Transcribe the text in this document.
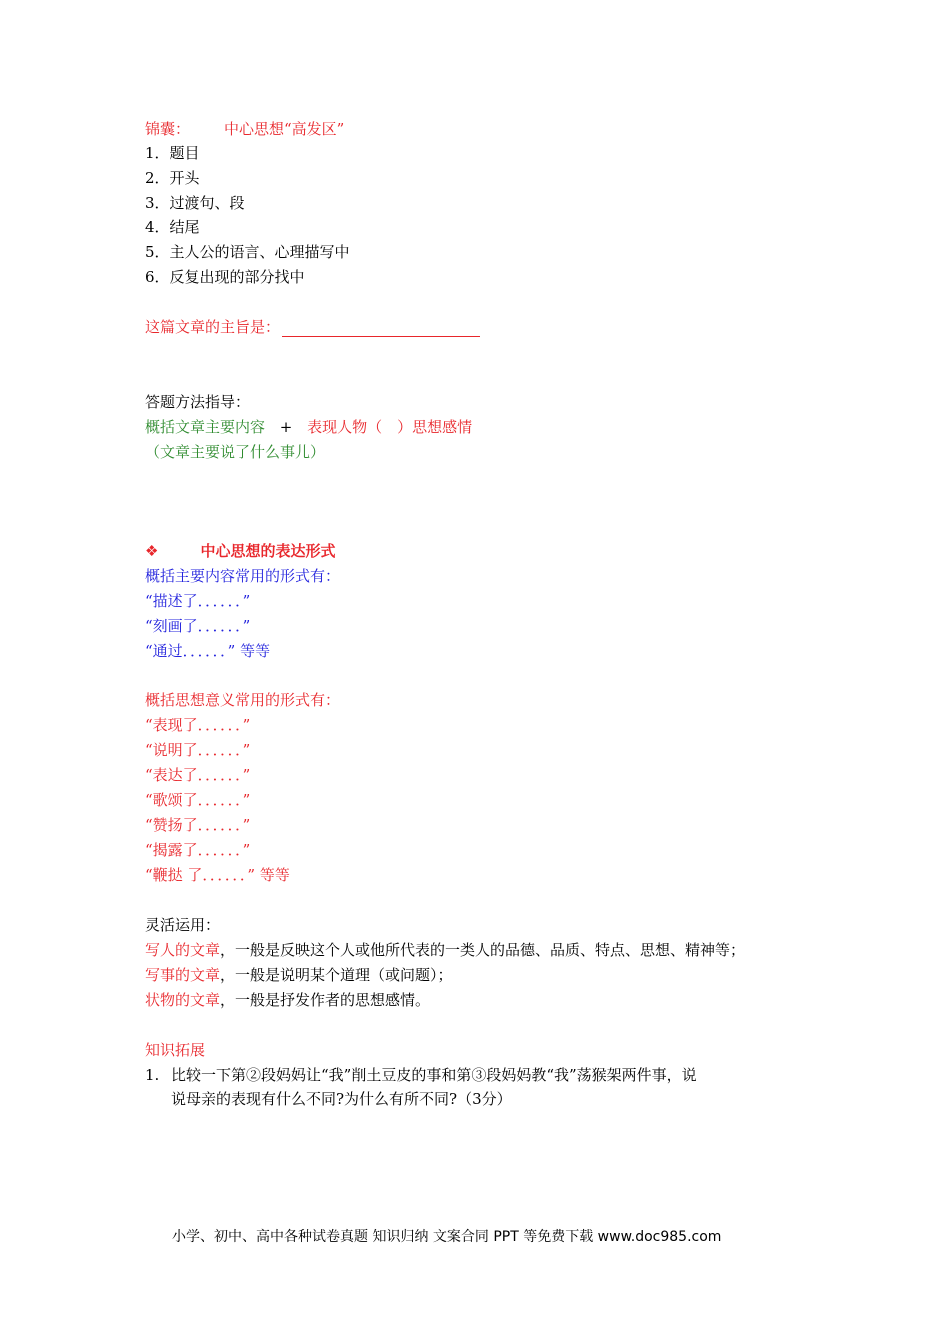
锦囊： 中心思想“高发区”
1．题目
2．开头
3．过渡句、段
4．结尾
5．主人公的语言、心理描写中
6．反复出现的部分找中
这篇文章的主旨是：
答题方法指导：
概括文章主要内容 + 表现人物（　）思想感情
（文章主要说了什么事儿）
❖	中心思想的表达形式
概括主要内容常用的形式有：
“描述了．．．．．．”
“刻画了．．．．．．”
“通过．．．．．．” 等等
概括思想意义常用的形式有：
“表现了．．．．．．”
“说明了．．．．．．”
“表达了．．．．．．”
“歌颂了．．．．．．”
“赞扬了．．．．．．”
“揭露了．．．．．．”
“鞭挞 了．．．．．．” 等等
灵活运用：
写人的文章，一般是反映这个人或他所代表的一类人的品德、品质、特点、思想、精神等；
写事的文章，一般是说明某个道理（或问题）；
状物的文章，一般是抒发作者的思想感情。
知识拓展
1. 比较一下第②段妈妈让“我”削土豆皮的事和第③段妈妈教“我”荡猴架两件事，说
说母亲的表现有什么不同?为什么有所不同?（3分）
小学、初中、高中各种试卷真题 知识归纳 文案合同 PPT 等免费下载 www.doc985.com
